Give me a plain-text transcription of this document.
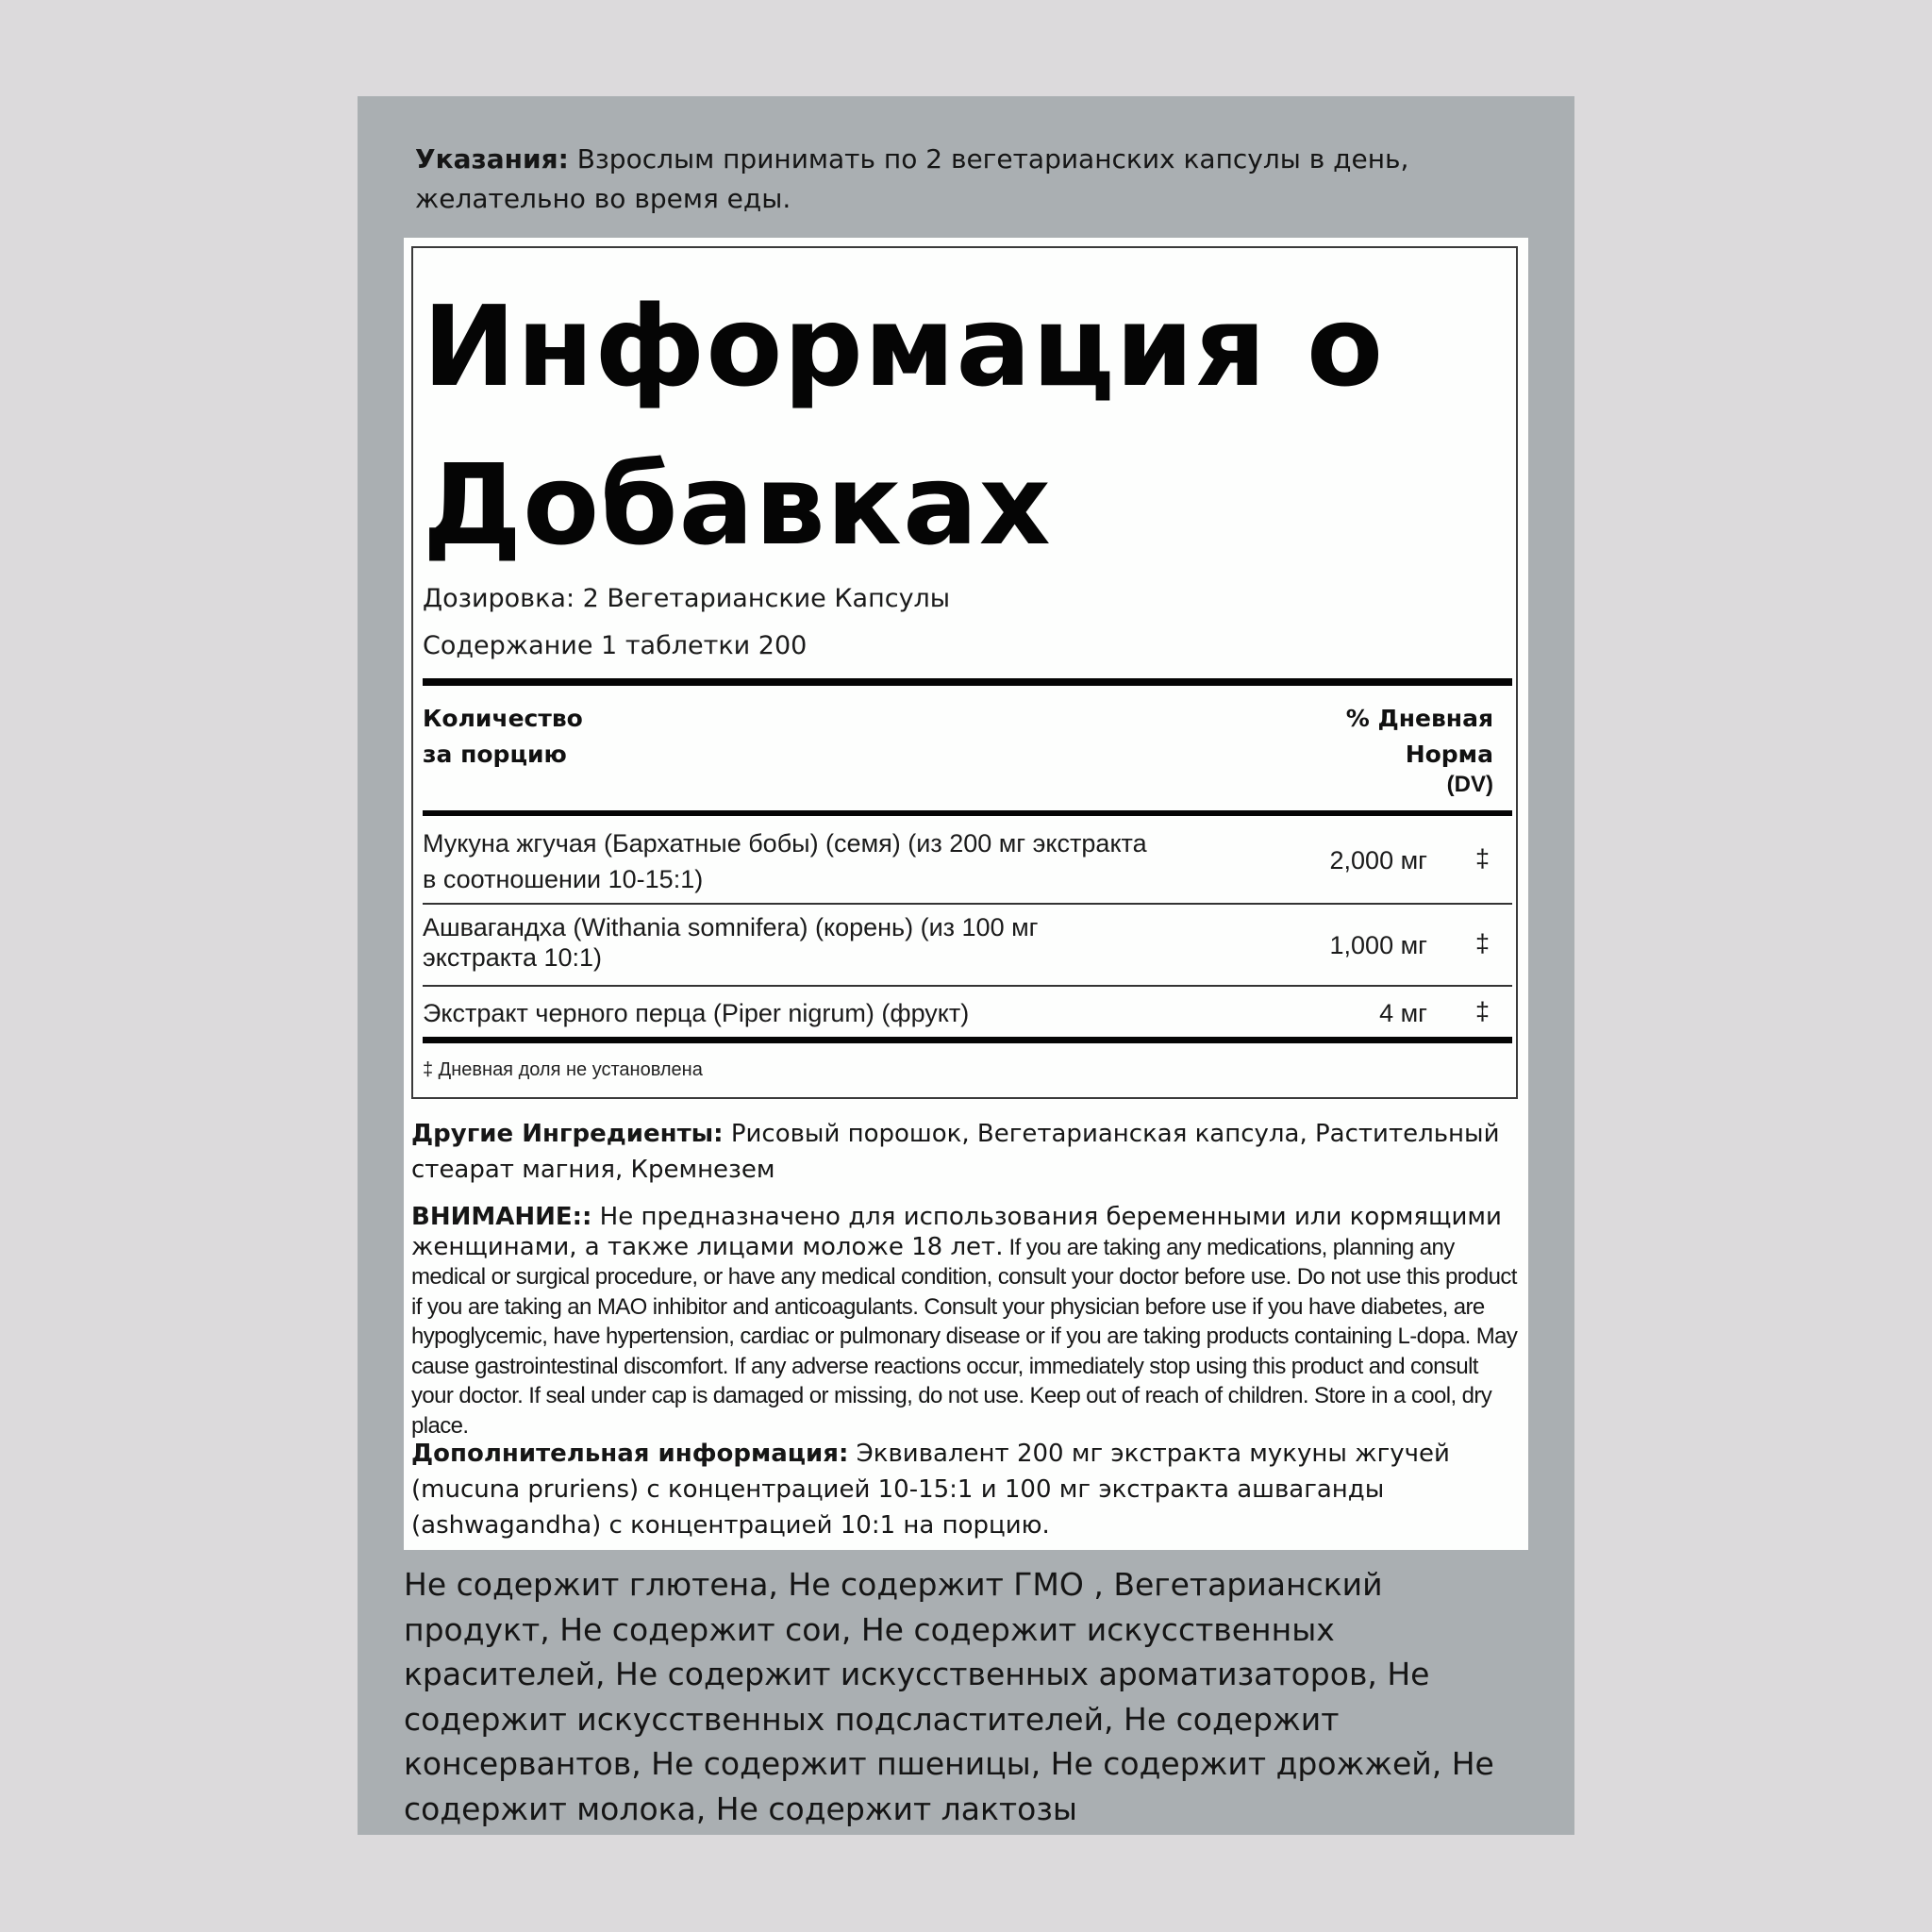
Указания: Взрослым принимать по 2 вегетарианских капсулы в день, желательно во время еды.
Информация о Добавках
Дозировка: 2 Вегетарианские Капсулы
Содержание 1 таблетки 200
Количество
за порцию
% Дневная
Норма
(DV)
Мукуна жгучая (Бархатные бобы) (семя) (из 200 мг экстракта в соотношении 10-15:1)
2,000 мг ‡
Ашвагандха (Withania somnifera) (корень) (из 100 мг экстракта 10:1)	1,000 мг ‡
Экстракт черного перца (Piper nigrum) (фрукт)	4 мг ‡
‡ Дневная доля не установлена
Другие Ингредиенты: Рисовый порошок, Вегетарианская капсула, Растительный стеарат магния, Кремнезем
ВНИМАНИЕ:: Не предназначено для использования беременными или кормящими женщинами, а также лицами моложе 18 лет. If you are taking any medications, planning any medical or surgical procedure, or have any medical condition, consult your doctor before use. Do not use this product if you are taking an MAO inhibitor and anticoagulants. Consult your physician before use if you have diabetes, are hypoglycemic, have hypertension, cardiac or pulmonary disease or if you are taking products containing L-dopa. May cause gastrointestinal discomfort. If any adverse reactions occur, immediately stop using this product and consult your doctor. If seal under cap is damaged or missing, do not use. Keep out of reach of children. Store in a cool, dry place.
Дополнительная информация: Эквивалент 200 мг экстракта мукуны жгучей (mucuna pruriens) с концентрацией 10-15:1 и 100 мг экстракта ашваганды (ashwagandha) с концентрацией 10:1 на порцию.
Не содержит глютена, Не содержит ГМО , Вегетарианский продукт, Не содержит сои, Не содержит искусственных красителей, Не содержит искусственных ароматизаторов, Не содержит искусственных подсластителей, Не содержит консервантов, Не содержит пшеницы, Не содержит дрожжей, Не содержит молока, Не содержит лактозы
